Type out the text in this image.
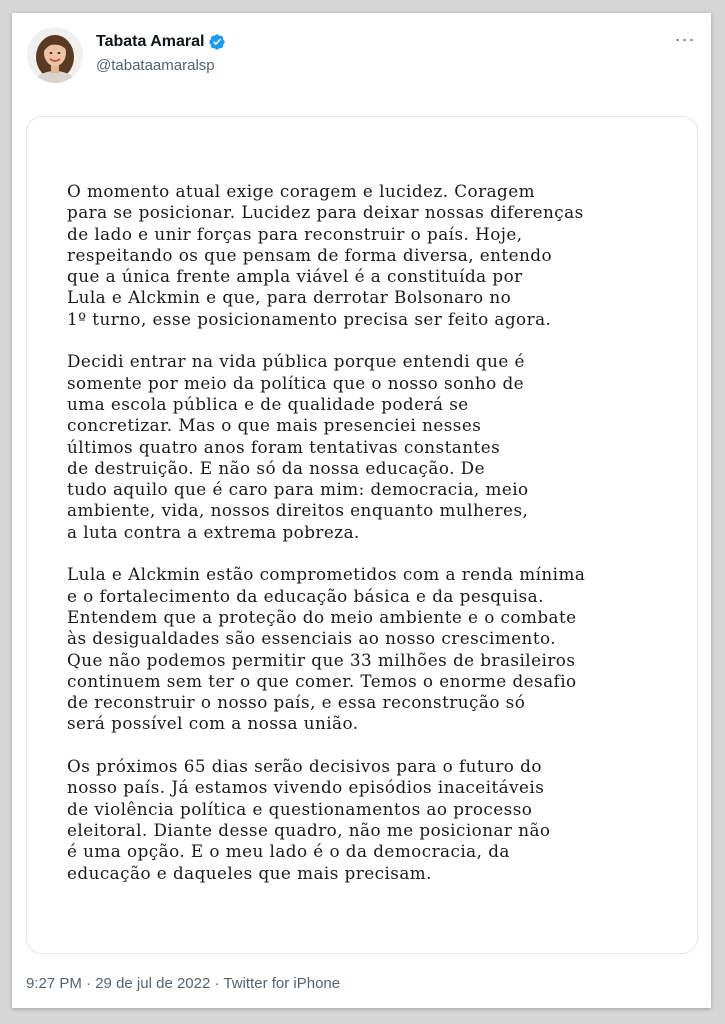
Tabata Amaral
@tabataamaralsp
···
O momento atual exige coragem e lucidez. Coragem
para se posicionar. Lucidez para deixar nossas diferenças
de lado e unir forças para reconstruir o país. Hoje,
respeitando os que pensam de forma diversa, entendo
que a única frente ampla viável é a constituída por
Lula e Alckmin e que, para derrotar Bolsonaro no
1º turno, esse posicionamento precisa ser feito agora.
Decidi entrar na vida pública porque entendi que é
somente por meio da política que o nosso sonho de
uma escola pública e de qualidade poderá se
concretizar. Mas o que mais presenciei nesses
últimos quatro anos foram tentativas constantes
de destruição. E não só da nossa educação. De
tudo aquilo que é caro para mim: democracia, meio
ambiente, vida, nossos direitos enquanto mulheres,
a luta contra a extrema pobreza.
Lula e Alckmin estão comprometidos com a renda mínima
e o fortalecimento da educação básica e da pesquisa.
Entendem que a proteção do meio ambiente e o combate
às desigualdades são essenciais ao nosso crescimento.
Que não podemos permitir que 33 milhões de brasileiros
continuem sem ter o que comer. Temos o enorme desafio
de reconstruir o nosso país, e essa reconstrução só
será possível com a nossa união.
Os próximos 65 dias serão decisivos para o futuro do
nosso país. Já estamos vivendo episódios inaceitáveis
de violência política e questionamentos ao processo
eleitoral. Diante desse quadro, não me posicionar não
é uma opção. E o meu lado é o da democracia, da
educação e daqueles que mais precisam.
9:27 PM · 29 de jul de 2022 · Twitter for iPhone
